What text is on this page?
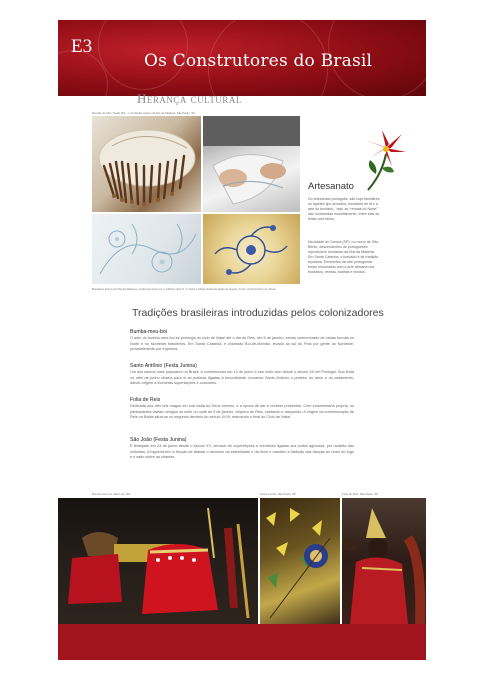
E3
Os Construtores do Brasil
Herança cultural
Rendas de bilro, Natal, RN – e bordados típicos da Ilha da Madeira. São Paulo, SP
Bordados típicos da Ilha da Madeira, confeccionados por V. Maria Luíza O. F. Faria e Maria da Encarnação de Aguiar. Fotos: Carla Fischer de Abreu
Artesanato
Do artesanato português, são hoje familiares os tapetes tipo arraiolos, bordados de lã e a arte do bordado, “rapi, as “rendas do Norte” são conhecidas mundialmente, entre elas as feitas com bilros.
Na cidade de Santos (SP), no morro de São Bento, descendentes de portugueses reproduzem bordados da Ilha da Madeira. Em Santa Catarina, o bordado é de tradição açoriana. Elementos da arte portuguesa foram misturados com a arte africana nos bordados, rendas, toalhas e tecidos.
Tradições brasileiras introduzidas pelos colonizadores
Bumba-meu-boi
O auto do bumba-meu-boi se prolonga do ciclo de Natal até o dia de Reis, em 6 de janeiro, sendo comemorado de várias formas no Norte e no Nordeste brasileiros. Em Santa Catarina, é chamado Boi-de-Mamão, levado ao sul do País por gente do Nordeste, provavelmente por tropeiros.
Santo Antônio (Festa Junina)
Um dos santos mais populares no Brasil, é comemorado em 13 de junho e seu culto vem desde o século XII em Portugal. Sua festa no mês de junho chama para si as práticas ligadas à fecundidade, tornando Santo Antônio o protetor do amor e do casamento, dando origem a inúmeras superstições e costumes.
Folia de Reis
Dedicada aos três reis magos em sua visita ao Deus menino, é a época de dar e receber presentes. Com indumentária própria, os participantes visitam amigos na noite ou noite de 5 de janeiro, véspera de Reis, cantando e dançando. A origem da comemoração de Reis na Bahia situa-se no segundo decênio do século XVIII, marcando o final do Ciclo de Natal.
São João (Festa Junina)
É festejado em 24 de junho desde o século XV, cercado de superstições e crendices ligadas aos cultos agrícolas, por ocasião das colheitas. A fogueira tem a função de afastar o demônio da esterilidade e da fome e mantém a tradição das danças ao redor do fogo e o salto sobre as chamas.
Bumba-meu-boi. São Luís, MA	Festa Junina. São Paulo, SP	Folia de Reis. São Paulo, SP
